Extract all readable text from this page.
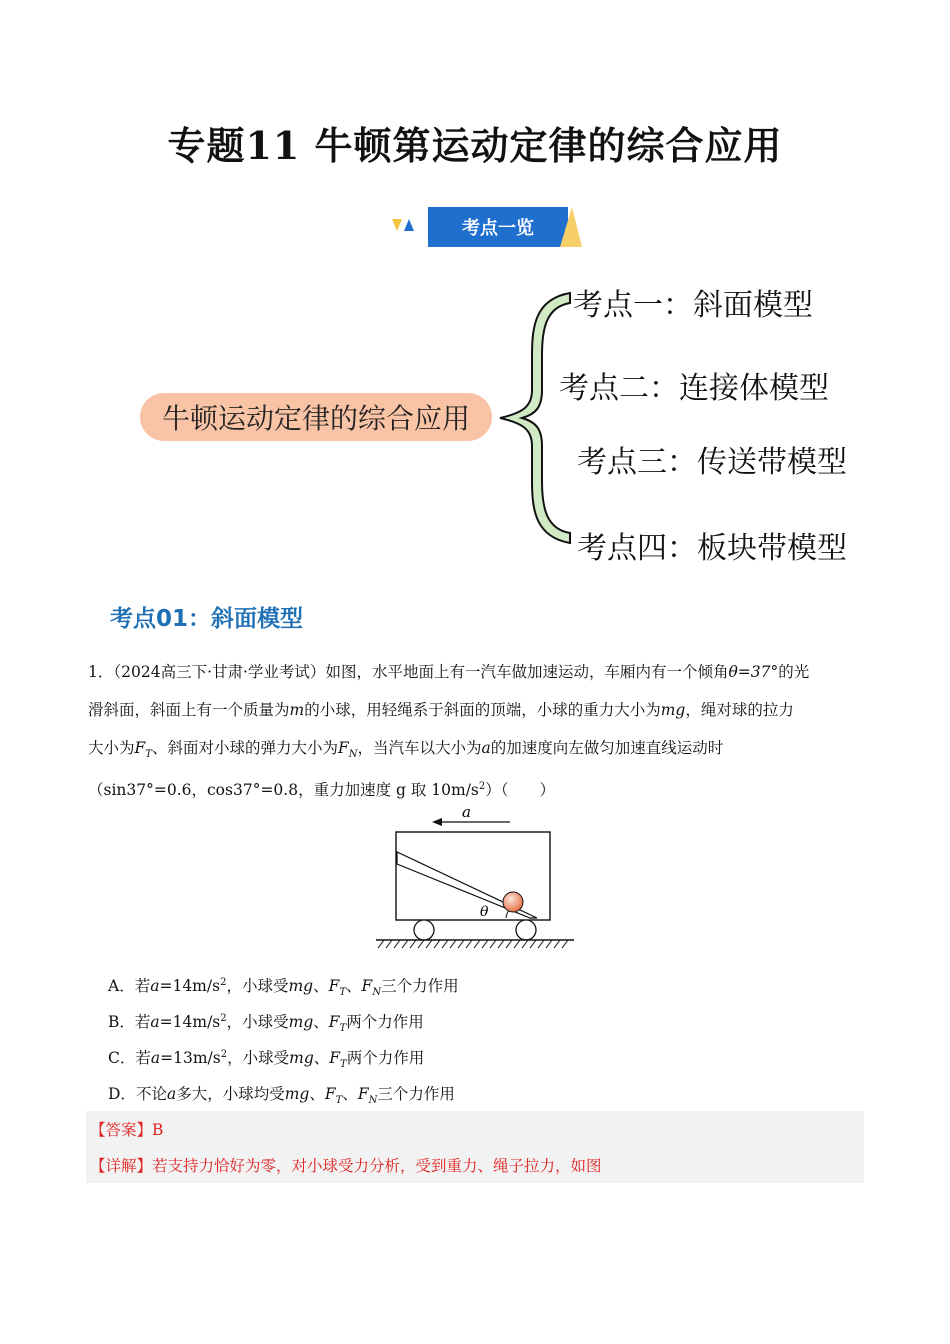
专题11 牛顿第运动定律的综合应用
考点一览
牛顿运动定律的综合应用
考点一：斜面模型
考点二：连接体模型
考点三：传送带模型
考点四：板块带模型
考点01：斜面模型
1．（2024高三下·甘肃·学业考试）如图，水平地面上有一汽车做加速运动，车厢内有一个倾角θ=37°的光
滑斜面，斜面上有一个质量为m的小球，用轻绳系于斜面的顶端，小球的重力大小为mg，绳对球的拉力
大小为$F_T$、斜面对小球的弹力大小为$F_N$，当汽车以大小为a的加速度向左做匀加速直线运动时
（sin37°=0.6，cos37°=0.8，重力加速度 g 取 $10m/s^2$）（　　）
a
θ
A．若$a=14m/s^2$，小球受mg、$F_T$、$F_N$三个力作用
B．若$a=14m/s^2$，小球受mg、$F_T$两个力作用
C．若$a=13m/s^2$，小球受mg、$F_T$两个力作用
D．不论a多大，小球均受mg、$F_T$、$F_N$三个力作用
【答案】B
【详解】若支持力恰好为零，对小球受力分析，受到重力、绳子拉力，如图
